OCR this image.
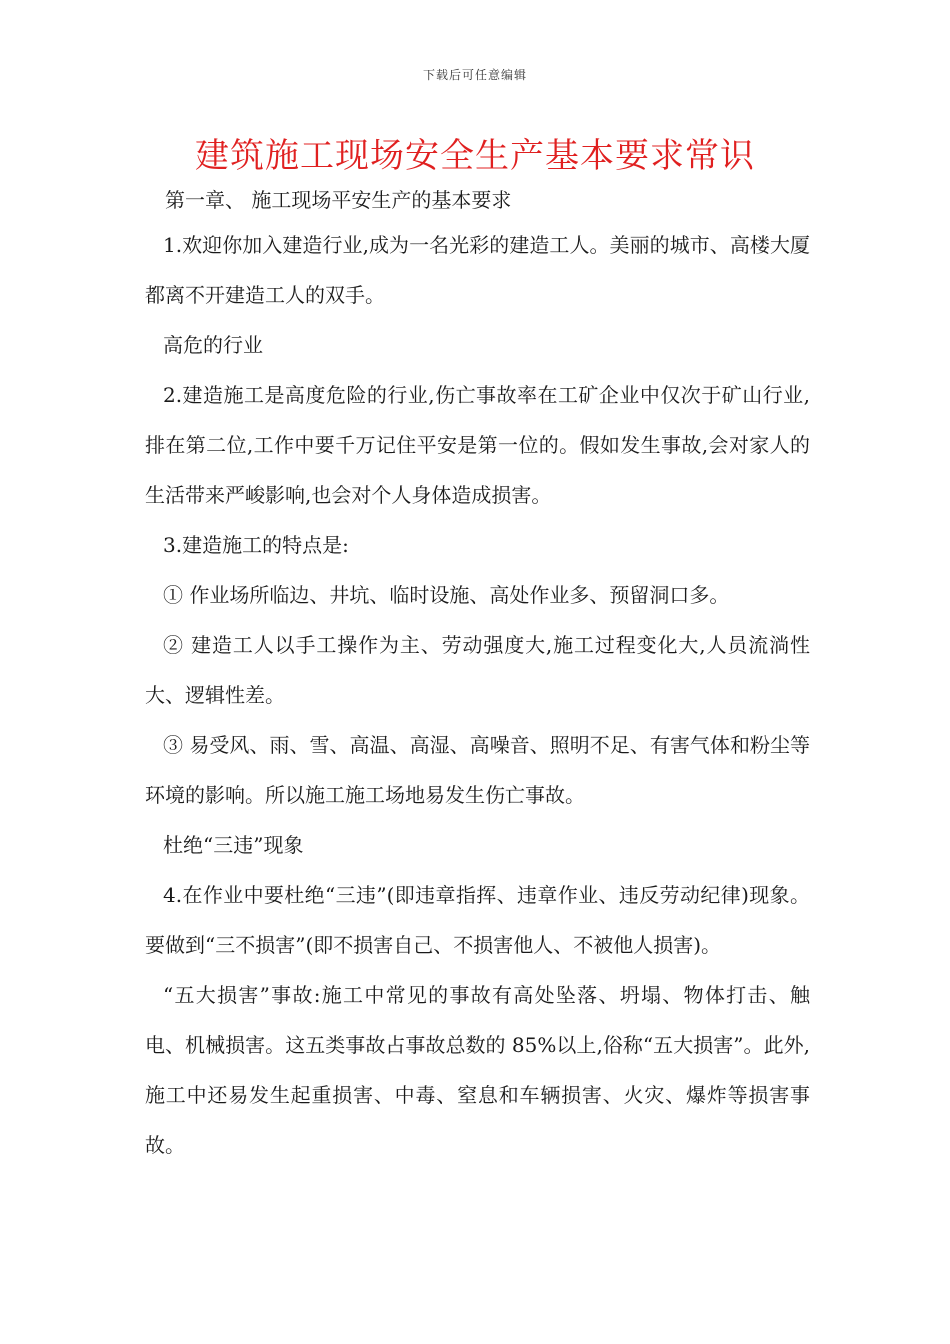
下载后可任意编辑
建筑施工现场安全生产基本要求常识

第一章、 施工现场平安生产的基本要求

1.欢迎你加入建造行业,成为一名光彩的建造工人。美丽的城市、高楼大厦都离不开建造工人的双手。

高危的行业

2.建造施工是高度危险的行业,伤亡事故率在工矿企业中仅次于矿山行业,排在第二位,工作中要千万记住平安是第一位的。假如发生事故,会对家人的生活带来严峻影响,也会对个人身体造成损害。

3.建造施工的特点是:

① 作业场所临边、井坑、临时设施、高处作业多、预留洞口多。

② 建造工人以手工操作为主、劳动强度大,施工过程变化大,人员流淌性大、逻辑性差。

③ 易受风、雨、雪、高温、高湿、高噪音、照明不足、有害气体和粉尘等环境的影响。所以施工施工场地易发生伤亡事故。

杜绝“三违”现象

4.在作业中要杜绝“三违”(即违章指挥、违章作业、违反劳动纪律)现象。要做到“三不损害”(即不损害自己、不损害他人、不被他人损害)。

“五大损害”事故:施工中常见的事故有高处坠落、坍塌、物体打击、触电、机械损害。这五类事故占事故总数的 85%以上,俗称“五大损害”。此外,施工中还易发生起重损害、中毒、窒息和车辆损害、火灾、爆炸等损害事故。
